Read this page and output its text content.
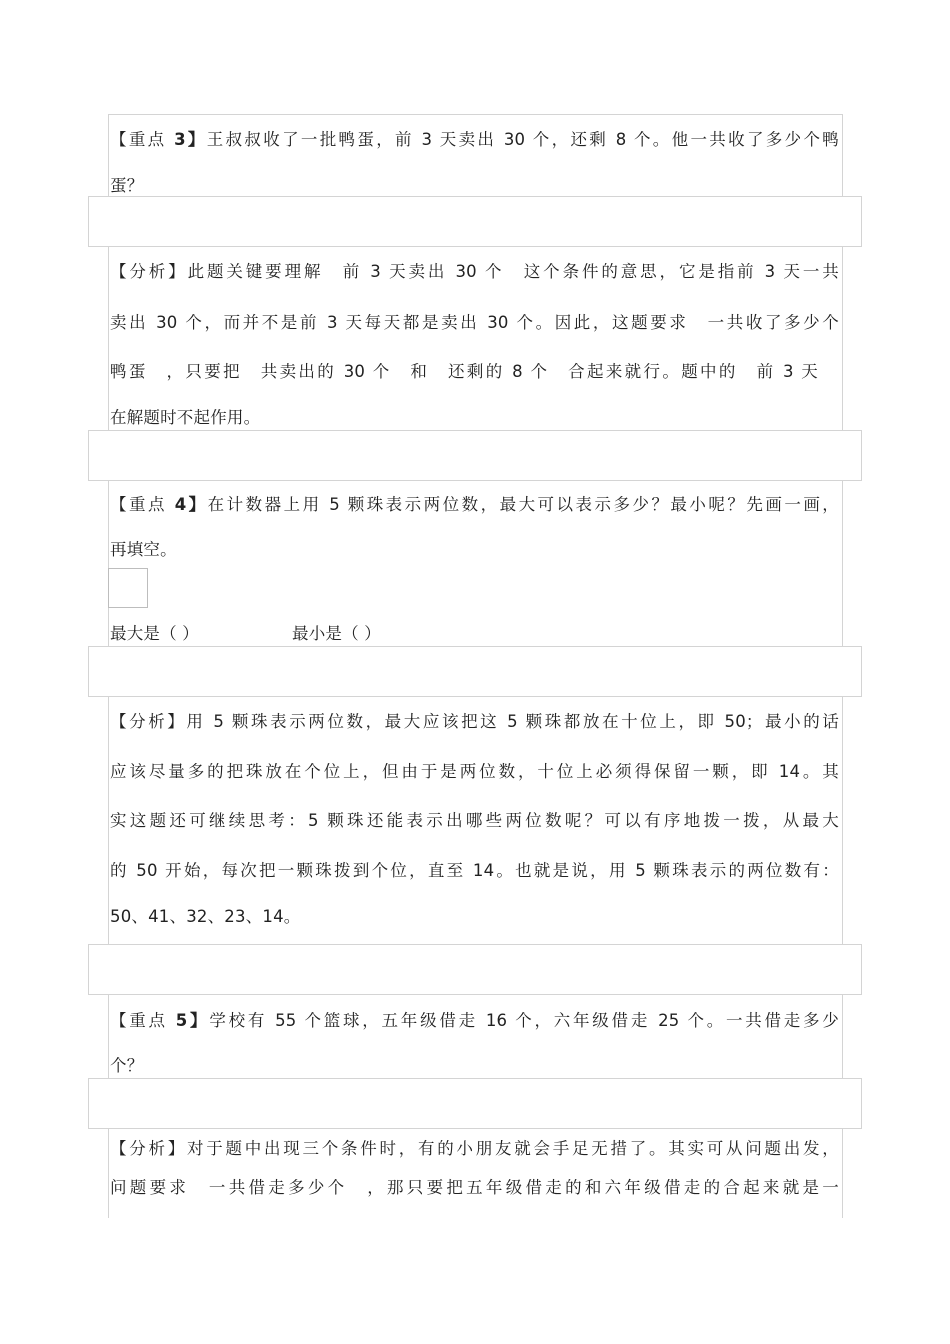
【重点 3】王叔叔收了一批鸭蛋，前 3 天卖出 30 个，还剩 8 个。他一共收了多少个鸭
蛋？
【分析】此题关键要理解　前 3 天卖出 30 个　这个条件的意思，它是指前 3 天一共
卖出 30 个，而并不是前 3 天每天都是卖出 30 个。因此，这题要求　一共收了多少个
鸭蛋　，只要把　共卖出的 30 个　和　还剩的 8 个　合起来就行。题中的　前 3 天
在解题时不起作用。
【重点 4】在计数器上用 5 颗珠表示两位数，最大可以表示多少？最小呢？先画一画，
再填空。
最大是（ ）	最小是（ ）
【分析】用 5 颗珠表示两位数，最大应该把这 5 颗珠都放在十位上，即 50；最小的话
应该尽量多的把珠放在个位上，但由于是两位数，十位上必须得保留一颗，即 14。其
实这题还可继续思考：5 颗珠还能表示出哪些两位数呢？可以有序地拨一拨，从最大
的 50 开始，每次把一颗珠拨到个位，直至 14。也就是说，用 5 颗珠表示的两位数有：
50、41、32、23、14。
【重点 5】学校有 55 个篮球，五年级借走 16 个，六年级借走 25 个。一共借走多少
个？
【分析】对于题中出现三个条件时，有的小朋友就会手足无措了。其实可从问题出发，
问题要求　一共借走多少个　，那只要把五年级借走的和六年级借走的合起来就是一
